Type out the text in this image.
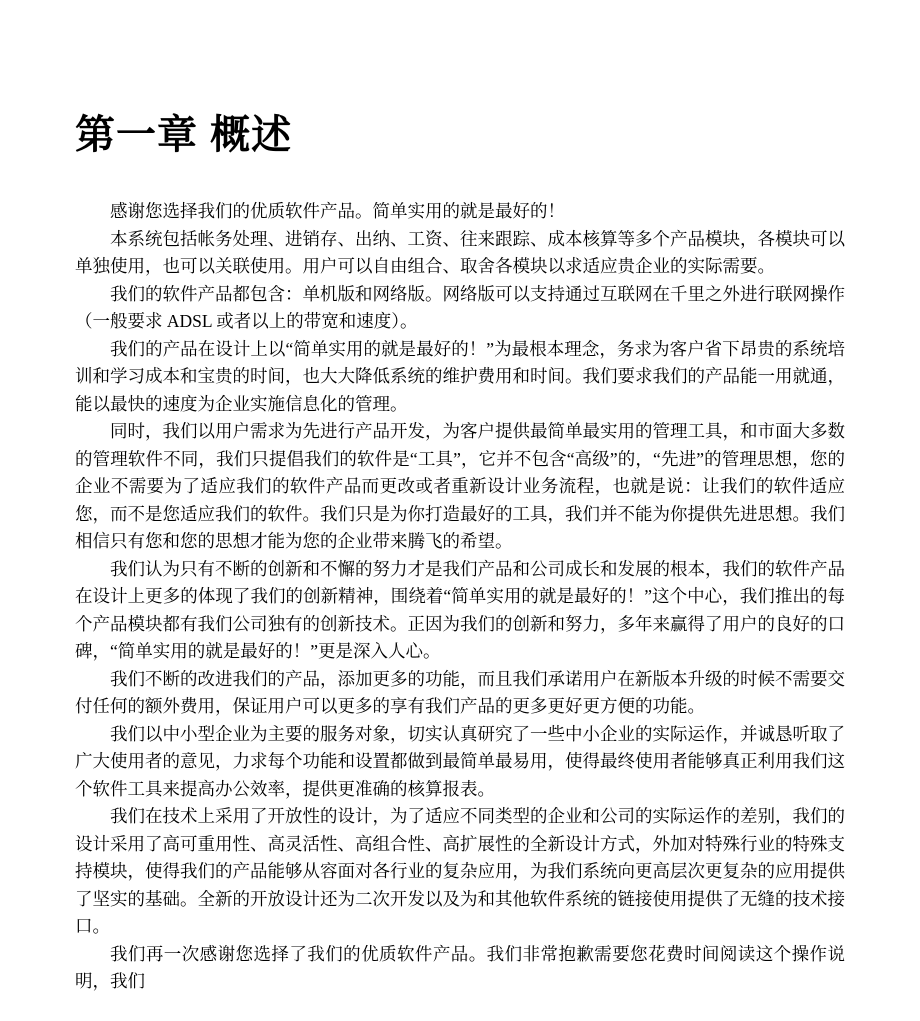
第一章 概述

感谢您选择我们的优质软件产品。简单实用的就是最好的！

本系统包括帐务处理、进销存、出纳、工资、往来跟踪、成本核算等多个产品模块，各模块可以单独使用，也可以关联使用。用户可以自由组合、取舍各模块以求适应贵企业的实际需要。

我们的软件产品都包含：单机版和网络版。网络版可以支持通过互联网在千里之外进行联网操作（一般要求 ADSL 或者以上的带宽和速度）。

我们的产品在设计上以“简单实用的就是最好的！”为最根本理念，务求为客户省下昂贵的系统培训和学习成本和宝贵的时间，也大大降低系统的维护费用和时间。我们要求我们的产品能一用就通，能以最快的速度为企业实施信息化的管理。

同时，我们以用户需求为先进行产品开发，为客户提供最简单最实用的管理工具，和市面大多数的管理软件不同，我们只提倡我们的软件是“工具”，它并不包含“高级”的，“先进”的管理思想，您的企业不需要为了适应我们的软件产品而更改或者重新设计业务流程，也就是说：让我们的软件适应您，而不是您适应我们的软件。我们只是为你打造最好的工具，我们并不能为你提供先进思想。我们相信只有您和您的思想才能为您的企业带来腾飞的希望。

我们认为只有不断的创新和不懈的努力才是我们产品和公司成长和发展的根本，我们的软件产品在设计上更多的体现了我们的创新精神，围绕着“简单实用的就是最好的！”这个中心，我们推出的每个产品模块都有我们公司独有的创新技术。正因为我们的创新和努力，多年来赢得了用户的良好的口碑，“简单实用的就是最好的！”更是深入人心。

我们不断的改进我们的产品，添加更多的功能，而且我们承诺用户在新版本升级的时候不需要交付任何的额外费用，保证用户可以更多的享有我们产品的更多更好更方便的功能。

我们以中小型企业为主要的服务对象，切实认真研究了一些中小企业的实际运作，并诚恳听取了广大使用者的意见，力求每个功能和设置都做到最简单最易用，使得最终使用者能够真正利用我们这个软件工具来提高办公效率，提供更准确的核算报表。

我们在技术上采用了开放性的设计，为了适应不同类型的企业和公司的实际运作的差别，我们的设计采用了高可重用性、高灵活性、高组合性、高扩展性的全新设计方式，外加对特殊行业的特殊支持模块，使得我们的产品能够从容面对各行业的复杂应用，为我们系统向更高层次更复杂的应用提供了坚实的基础。全新的开放设计还为二次开发以及为和其他软件系统的链接使用提供了无缝的技术接口。

我们再一次感谢您选择了我们的优质软件产品。我们非常抱歉需要您花费时间阅读这个操作说明，我们
